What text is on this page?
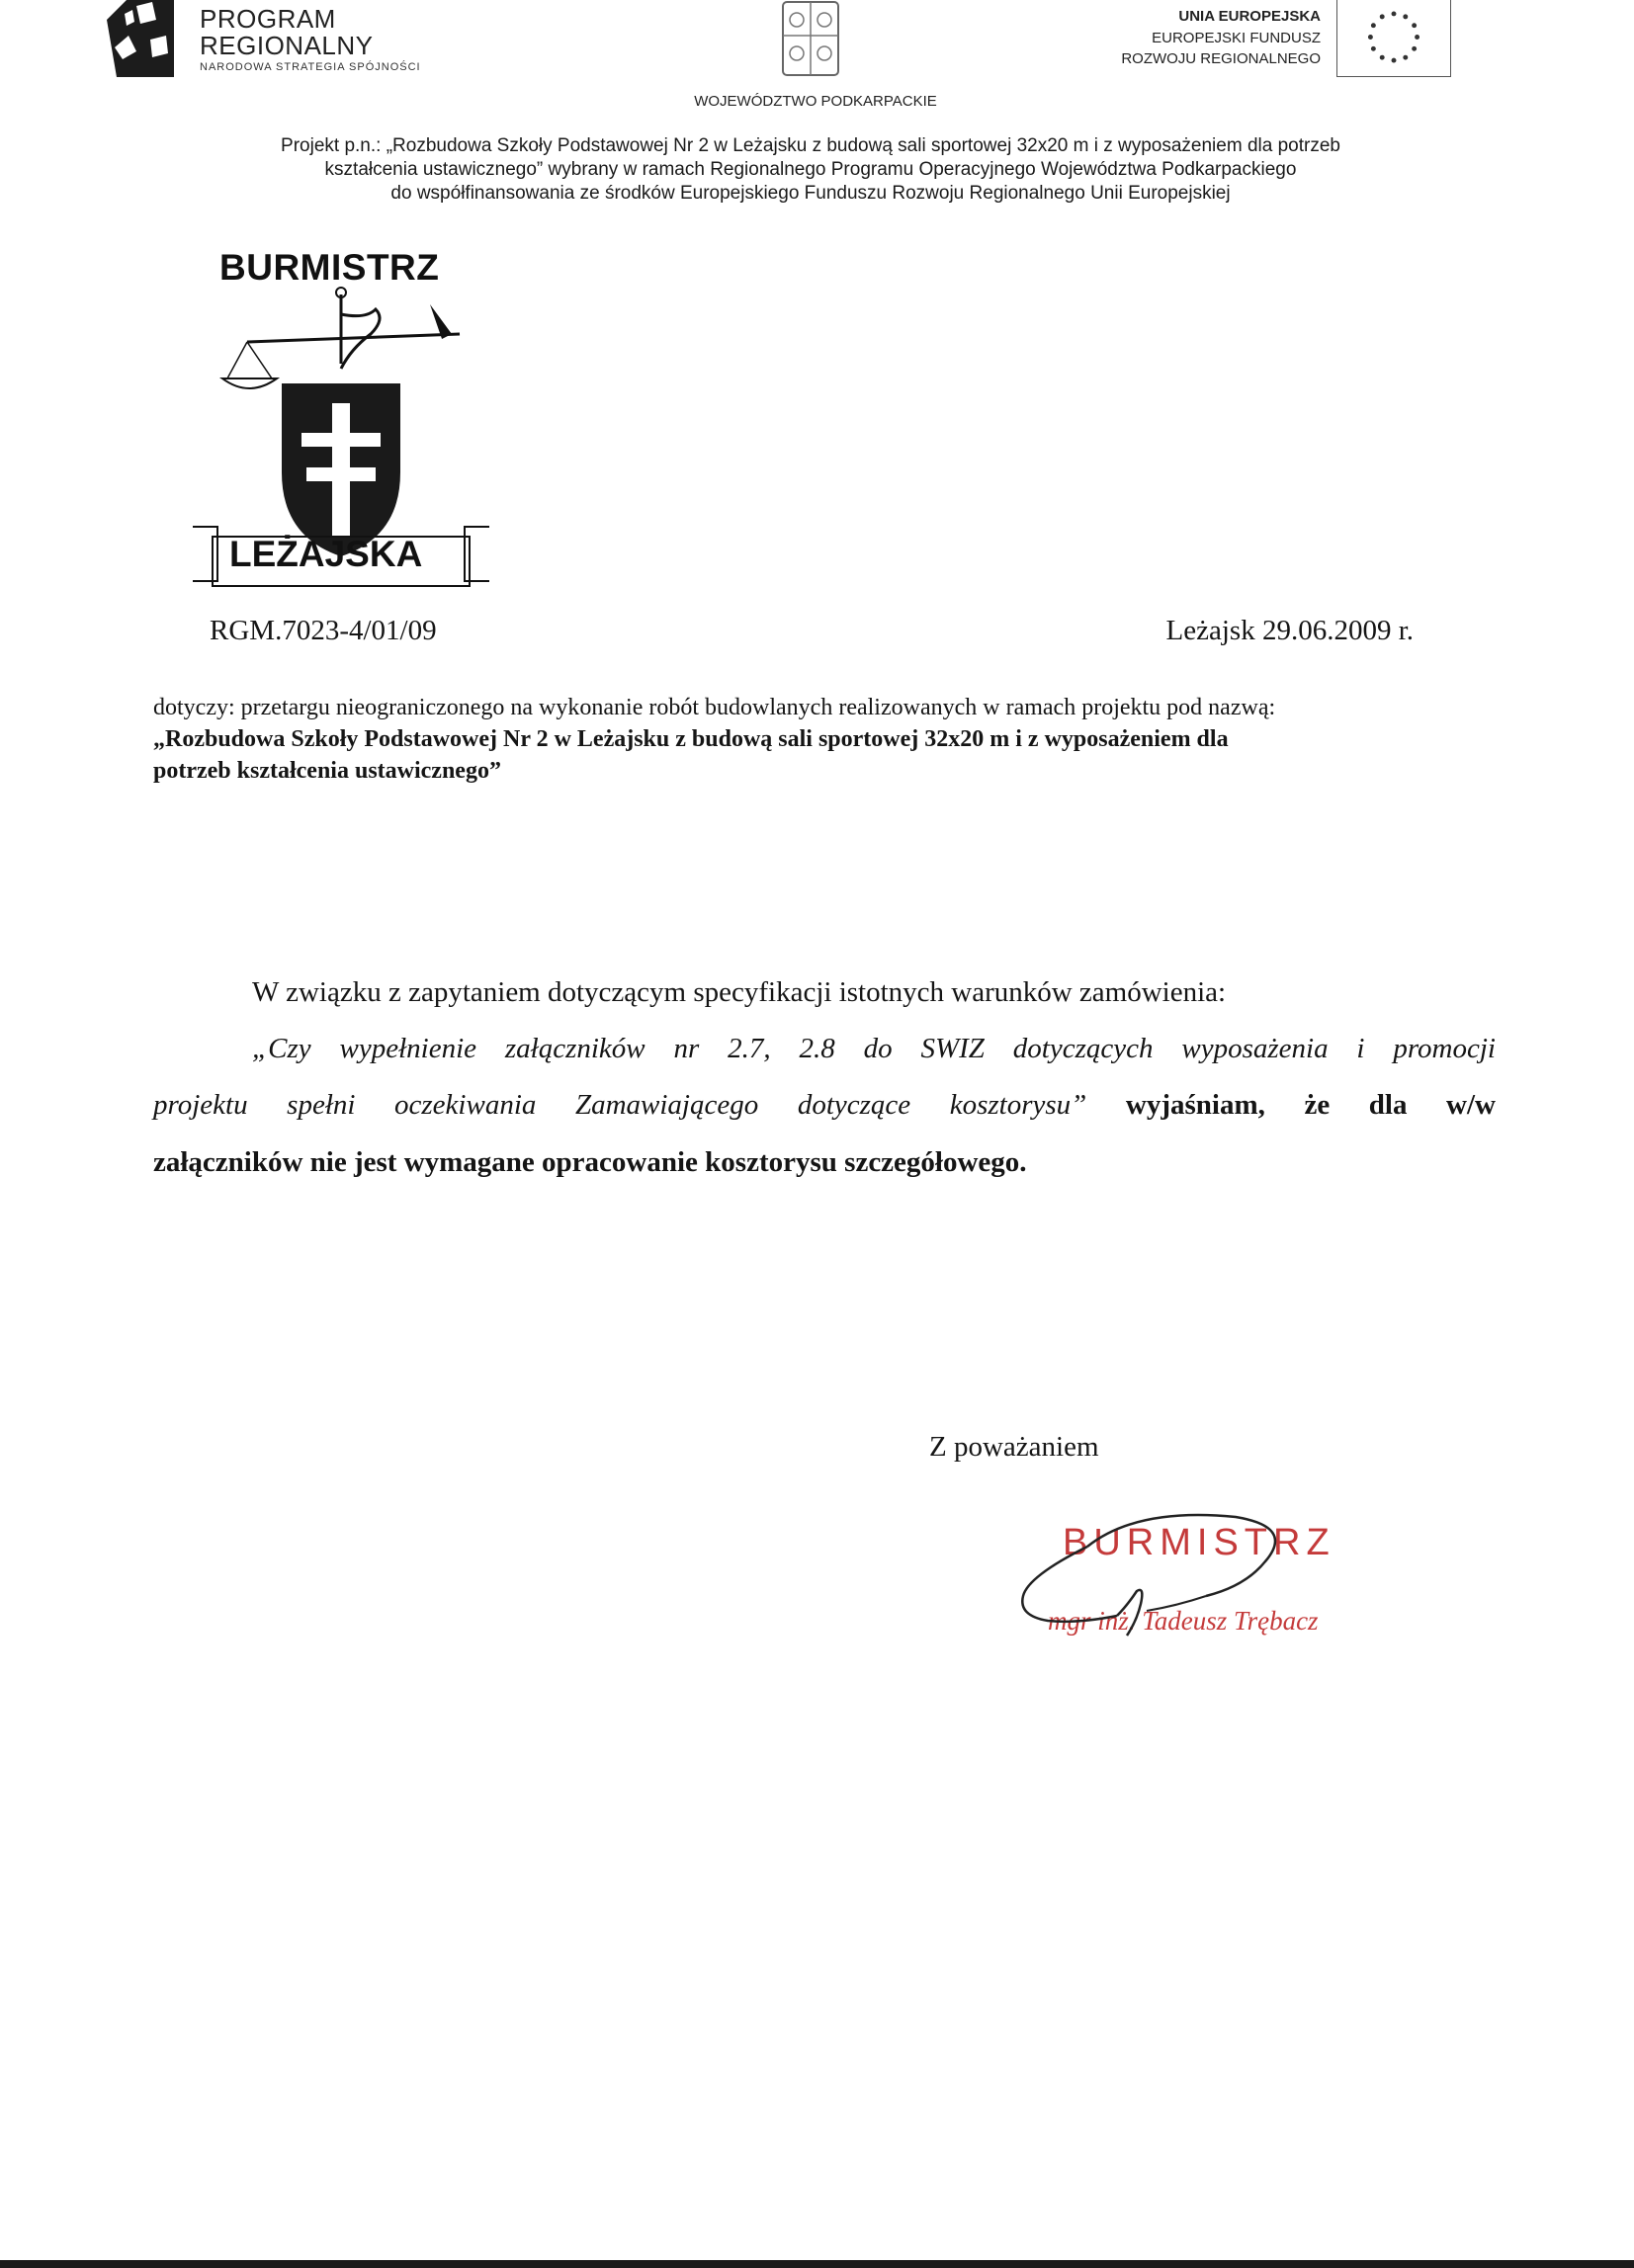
PROGRAM
REGIONALNY
NARODOWA STRATEGIA SPÓJNOŚCI
WOJEWÓDZTWO PODKARPACKIE
UNIA EUROPEJSKA
EUROPEJSKI FUNDUSZ
ROZWOJU REGIONALNEGO
Projekt p.n.: „Rozbudowa Szkoły Podstawowej Nr 2 w Leżajsku z budową sali sportowej 32x20 m i z wyposażeniem dla potrzeb
kształcenia ustawicznego” wybrany w ramach Regionalnego Programu Operacyjnego Województwa Podkarpackiego
do współfinansowania ze środków Europejskiego Funduszu Rozwoju Regionalnego Unii Europejskiej
BURMISTRZ
LEŻAJSKA
RGM.7023-4/01/09	Leżajsk 29.06.2009 r.
dotyczy: przetargu nieograniczonego na wykonanie robót budowlanych realizowanych w ramach projektu pod nazwą:
„Rozbudowa Szkoły Podstawowej Nr 2 w Leżajsku z budową sali sportowej 32x20 m i z wyposażeniem dla
potrzeb kształcenia ustawicznego”
W związku z zapytaniem dotyczącym specyfikacji istotnych warunków zamówienia:
„Czy wypełnienie załączników nr 2.7, 2.8 do SWIZ dotyczących wyposażenia i promocji
projektu spełni oczekiwania Zamawiającego dotyczące kosztorysu” wyjaśniam, że dla w/w
załączników nie jest wymagane opracowanie kosztorysu szczegółowego.
Z poważaniem
BURMISTRZ
mgr inż. Tadeusz Trębacz
